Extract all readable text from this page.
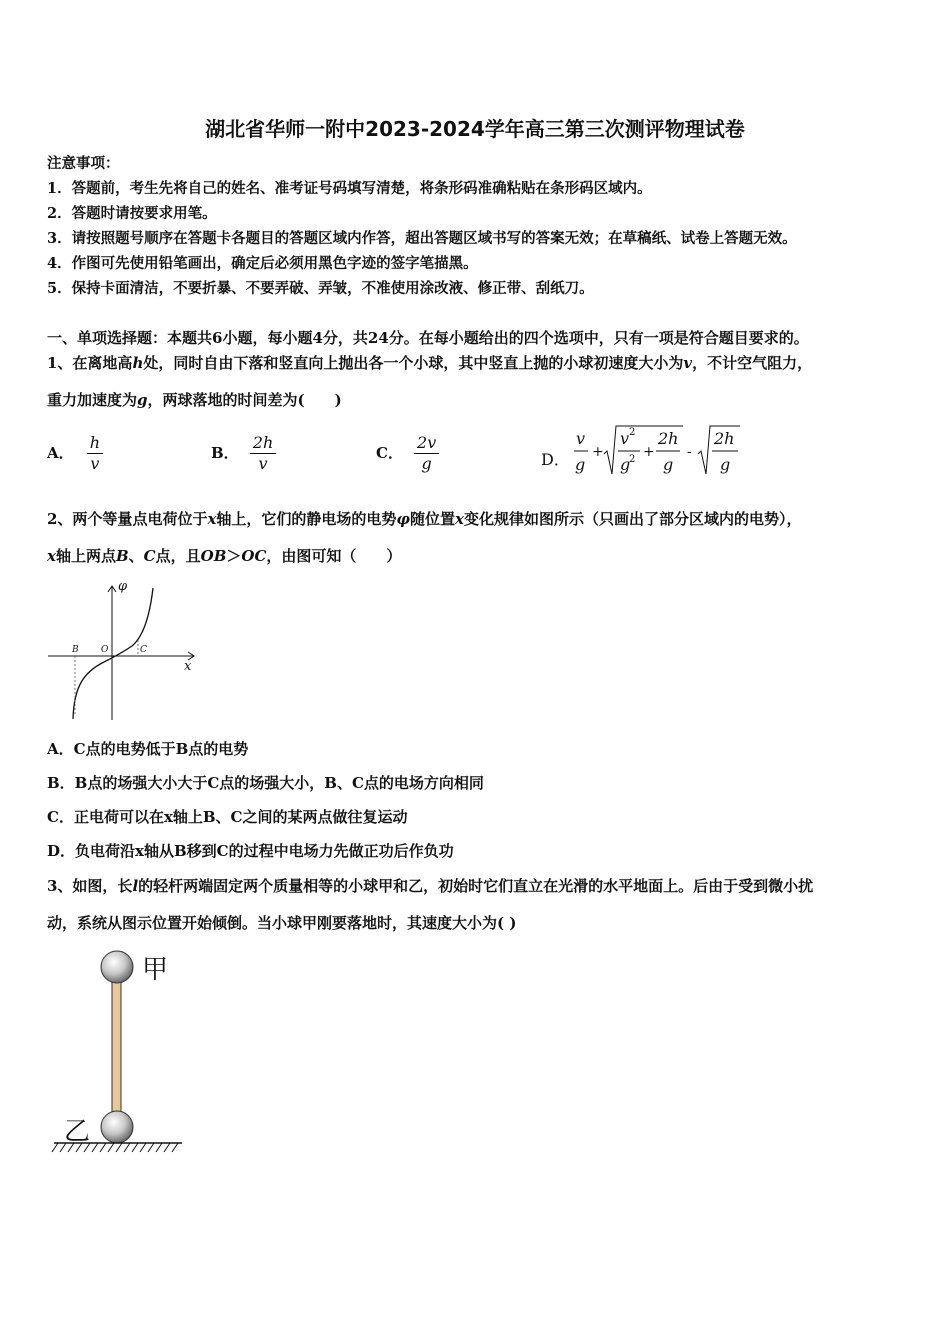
湖北省华师一附中2023-2024学年高三第三次测评物理试卷
注意事项：
1．答题前，考生先将自己的姓名、准考证号码填写清楚，将条形码准确粘贴在条形码区域内。
2．答题时请按要求用笔。
3．请按照题号顺序在答题卡各题目的答题区域内作答，超出答题区域书写的答案无效；在草稿纸、试卷上答题无效。
4．作图可先使用铅笔画出，确定后必须用黑色字迹的签字笔描黑。
5．保持卡面清洁，不要折暴、不要弄破、弄皱，不准使用涂改液、修正带、刮纸刀。
一、单项选择题：本题共6小题，每小题4分，共24分。在每小题给出的四个选项中，只有一项是符合题目要求的。
1、在离地高h处，同时自由下落和竖直向上抛出各一个小球，其中竖直上抛的小球初速度大小为v，不计空气阻力，
重力加速度为g，两球落地的时间差为(　　)
A． $\frac{h}{v}$	B． $\frac{2h}{v}$	C． $\frac{2v}{g}$	D．
v
g
+
v 2
g
2 +
2h
g
-
2h
g
2、两个等量点电荷位于x轴上，它们的静电场的电势φ随位置x变化规律如图所示（只画出了部分区域内的电势），
x轴上两点B、C点，且OB＞OC，由图可知（　　）
φ
x
B O	C
A．C点的电势低于B点的电势
B．B点的场强大小大于C点的场强大小，B、C点的电场方向相同
C．正电荷可以在x轴上B、C之间的某两点做往复运动
D．负电荷沿x轴从B移到C的过程中电场力先做正功后作负功
3、如图，长l的轻杆两端固定两个质量相等的小球甲和乙，初始时它们直立在光滑的水平地面上。后由于受到微小扰
动，系统从图示位置开始倾倒。当小球甲刚要落地时，其速度大小为( )
甲
乙
